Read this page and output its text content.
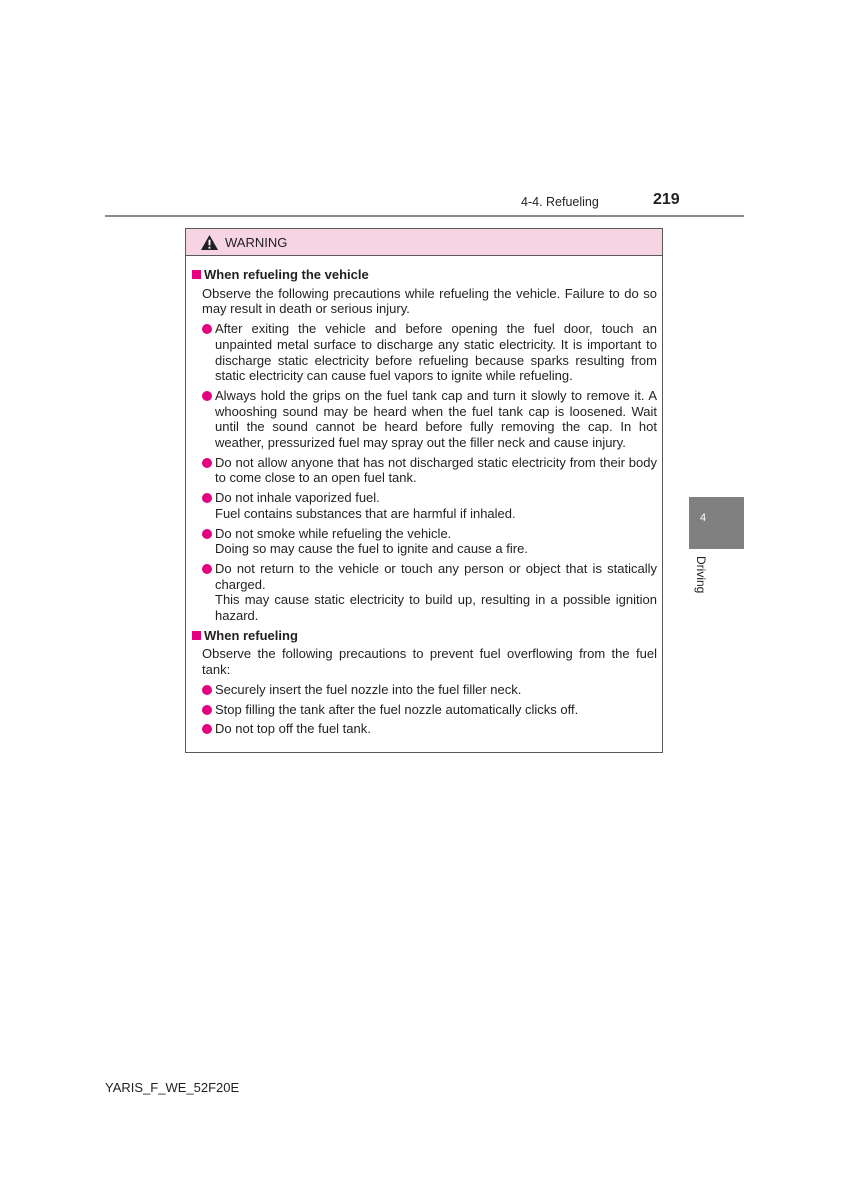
4-4. Refueling	219
4
Driving
WARNING
When refueling the vehicle
Observe the following precautions while refueling the vehicle. Failure to do so may result in death or serious injury.
After exiting the vehicle and before opening the fuel door, touch an unpainted metal surface to discharge any static electricity. It is important to discharge static electricity before refueling because sparks resulting from static electricity can cause fuel vapors to ignite while refueling.
Always hold the grips on the fuel tank cap and turn it slowly to remove it. A whooshing sound may be heard when the fuel tank cap is loosened. Wait until the sound cannot be heard before fully removing the cap. In hot weather, pressurized fuel may spray out the filler neck and cause injury.
Do not allow anyone that has not discharged static electricity from their body to come close to an open fuel tank.
Do not inhale vaporized fuel.
Fuel contains substances that are harmful if inhaled.
Do not smoke while refueling the vehicle.
Doing so may cause the fuel to ignite and cause a fire.
Do not return to the vehicle or touch any person or object that is statically charged.
This may cause static electricity to build up, resulting in a possible ignition hazard.
When refueling
Observe the following precautions to prevent fuel overflowing from the fuel tank:
Securely insert the fuel nozzle into the fuel filler neck.
Stop filling the tank after the fuel nozzle automatically clicks off.
Do not top off the fuel tank.
YARIS_F_WE_52F20E
